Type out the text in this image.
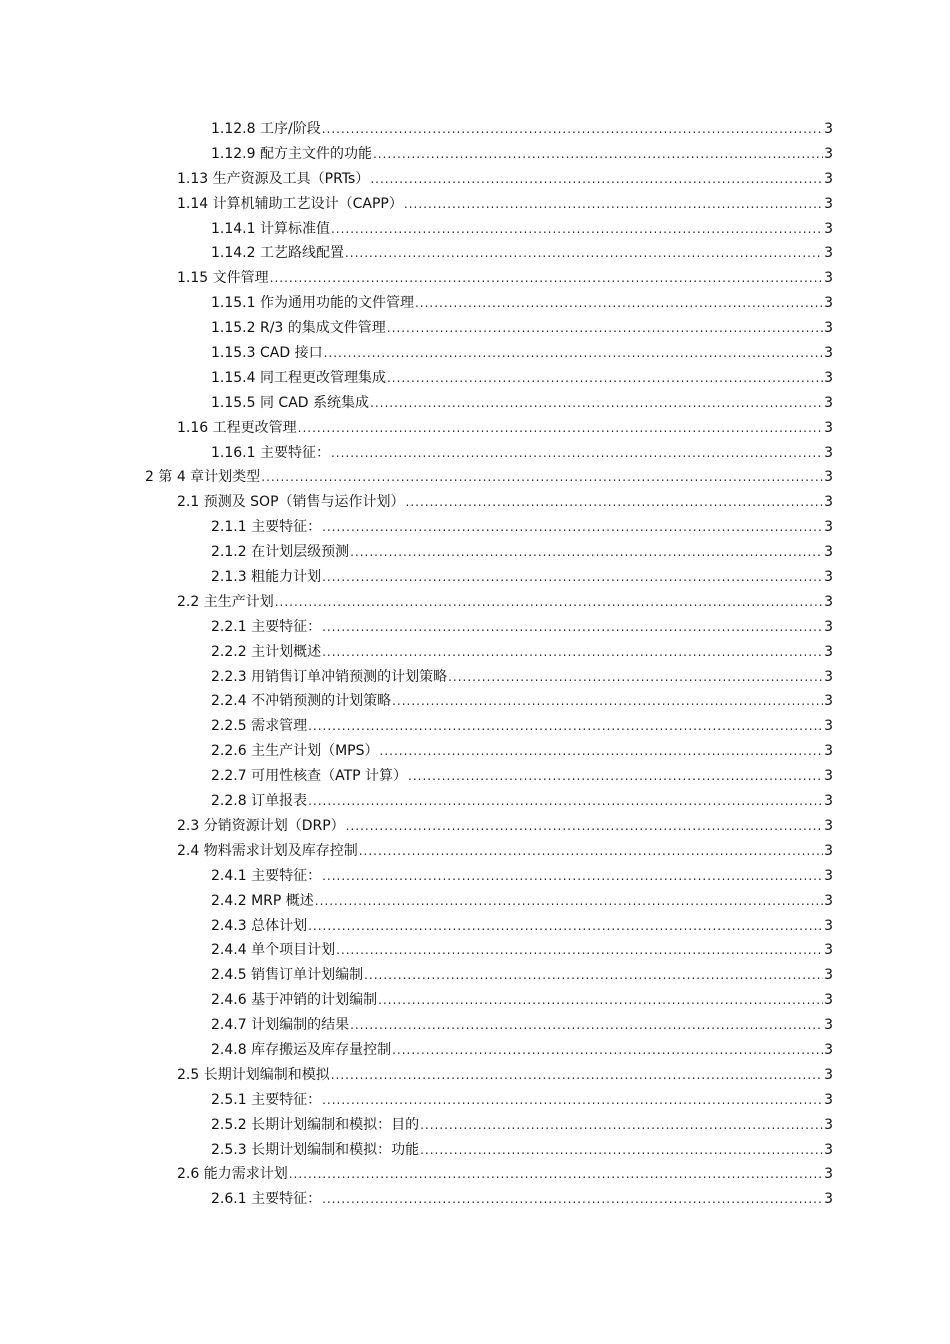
1.12.8 工序/阶段 .....	3
1.12.9 配方主文件的功能 .....	3
1.13 生产资源及工具（PRTs） .....	3
1.14 计算机辅助工艺设计（CAPP） .....	3
1.14.1 计算标准值 .....	3
1.14.2 工艺路线配置 .....	3
1.15 文件管理 .....	3
1.15.1 作为通用功能的文件管理 .....	3
1.15.2 R/3 的集成文件管理 .....	3
1.15.3 CAD 接口 .....	3
1.15.4 同工程更改管理集成 .....	3
1.15.5 同 CAD 系统集成 .....	3
1.16 工程更改管理 .....	3
1.16.1 主要特征： .....	3
2 第 4 章计划类型 .....	3
2.1 预测及 SOP（销售与运作计划） .....	3
2.1.1 主要特征： .....	3
2.1.2 在计划层级预测 .....	3
2.1.3 粗能力计划 .....	3
2.2 主生产计划 .....	3
2.2.1 主要特征： .....	3
2.2.2 主计划概述 .....	3
2.2.3 用销售订单冲销预测的计划策略 .....	3
2.2.4 不冲销预测的计划策略 .....	3
2.2.5 需求管理 .....	3
2.2.6 主生产计划（MPS） .....	3
2.2.7 可用性核查（ATP 计算） .....	3
2.2.8 订单报表 .....	3
2.3 分销资源计划（DRP） .....	3
2.4 物料需求计划及库存控制 .....	3
2.4.1 主要特征： .....	3
2.4.2 MRP 概述 .....	3
2.4.3 总体计划 .....	3
2.4.4 单个项目计划 .....	3
2.4.5 销售订单计划编制 .....	3
2.4.6 基于冲销的计划编制 .....	3
2.4.7 计划编制的结果 .....	3
2.4.8 库存搬运及库存量控制 .....	3
2.5 长期计划编制和模拟 .....	3
2.5.1 主要特征： .....	3
2.5.2 长期计划编制和模拟：目的 .....	3
2.5.3 长期计划编制和模拟：功能 .....	3
2.6 能力需求计划 .....	3
2.6.1 主要特征： .....	3
